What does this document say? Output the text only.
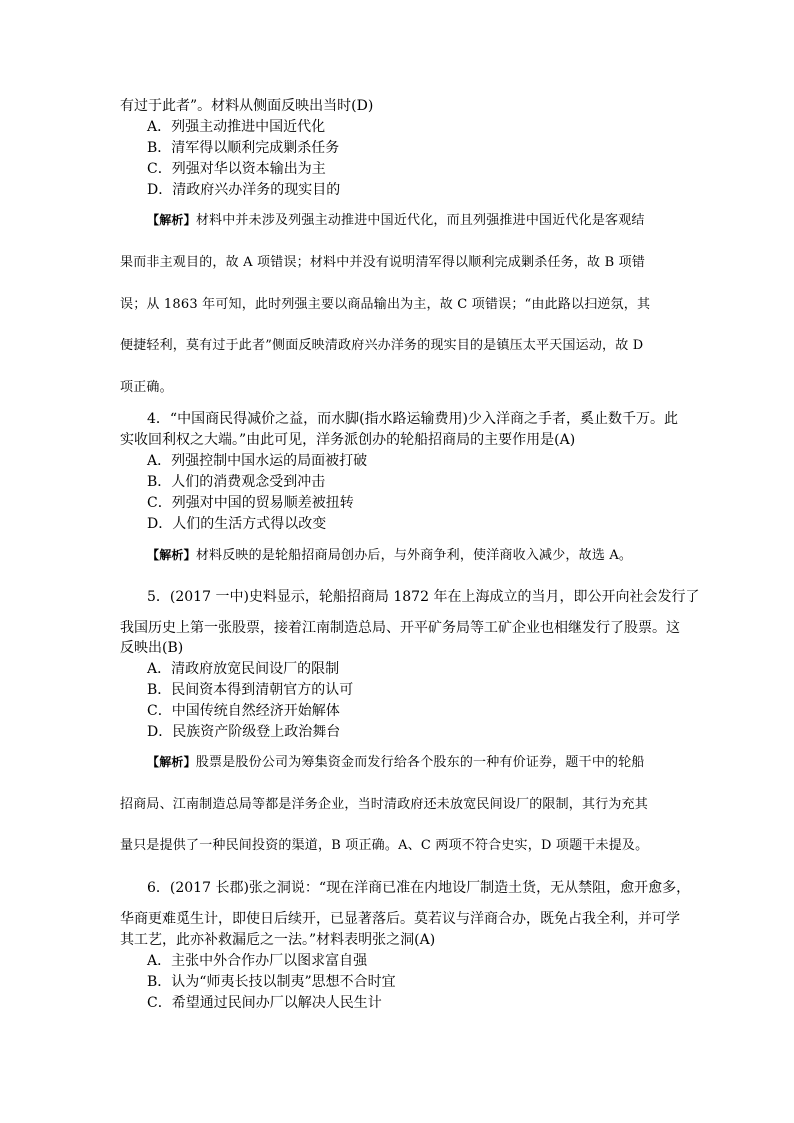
有过于此者”。材料从侧面反映出当时(D)
A．列强主动推进中国近代化
B．清军得以顺利完成剿杀任务
C．列强对华以资本输出为主
D．清政府兴办洋务的现实目的
【解析】材料中并未涉及列强主动推进中国近代化，而且列强推进中国近代化是客观结
果而非主观目的，故 A 项错误；材料中并没有说明清军得以顺利完成剿杀任务，故 B 项错
误；从 1863 年可知，此时列强主要以商品输出为主，故 C 项错误；“由此路以扫逆氛，其
便捷轻利，莫有过于此者”侧面反映清政府兴办洋务的现实目的是镇压太平天国运动，故 D
项正确。
4．“中国商民得减价之益，而水脚(指水路运输费用)少入洋商之手者，奚止数千万。此
实收回利权之大端。”由此可见，洋务派创办的轮船招商局的主要作用是(A)
A．列强控制中国水运的局面被打破
B．人们的消费观念受到冲击
C．列强对中国的贸易顺差被扭转
D．人们的生活方式得以改变
【解析】材料反映的是轮船招商局创办后，与外商争利，使洋商收入减少，故选 A。
5．(2017 一中)史料显示，轮船招商局 1872 年在上海成立的当月，即公开向社会发行了
我国历史上第一张股票，接着江南制造总局、开平矿务局等工矿企业也相继发行了股票。这
反映出(B)
A．清政府放宽民间设厂的限制
B．民间资本得到清朝官方的认可
C．中国传统自然经济开始解体
D．民族资产阶级登上政治舞台
【解析】股票是股份公司为筹集资金而发行给各个股东的一种有价证券，题干中的轮船
招商局、江南制造总局等都是洋务企业，当时清政府还未放宽民间设厂的限制，其行为充其
量只是提供了一种民间投资的渠道，B 项正确。A、C 两项不符合史实，D 项题干未提及。
6．(2017 长郡)张之洞说：“现在洋商已准在内地设厂制造土货，无从禁阻，愈开愈多，
华商更难觅生计，即使日后续开，已显著落后。莫若议与洋商合办，既免占我全利，并可学
其工艺，此亦补救漏卮之一法。”材料表明张之洞(A)
A．主张中外合作办厂以图求富自强
B．认为“师夷长技以制夷”思想不合时宜
C．希望通过民间办厂以解决人民生计
